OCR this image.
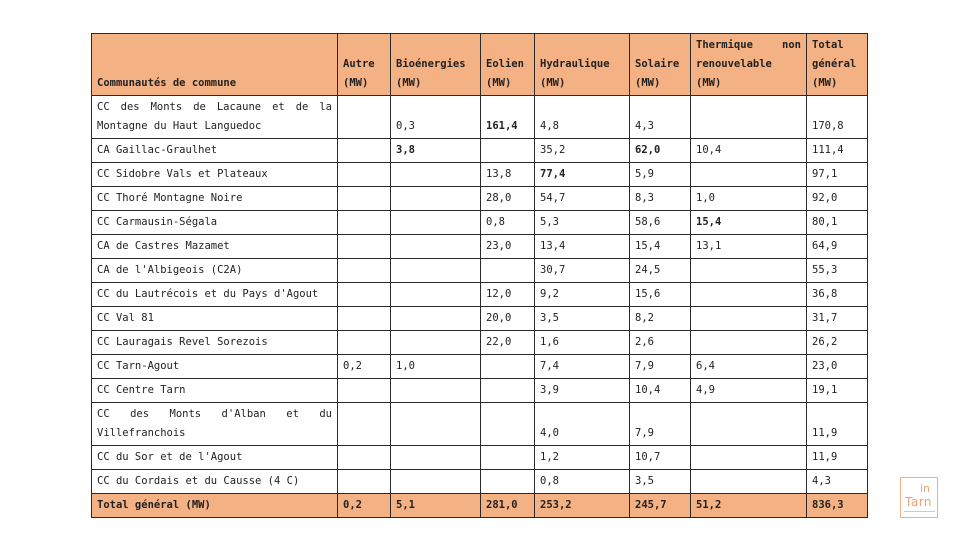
Communautés de commune	Autre (MW)	Bioénergies (MW)	Eolien (MW)	Hydraulique (MW)	Solaire (MW)	Thermique non renouvelable (MW)	Total général (MW)
CC des Monts de Lacaune et de la Montagne du Haut Languedoc		0,3	161,4	4,8	4,3		170,8
CA Gaillac-Graulhet		3,8		35,2	62,0	10,4	111,4
CC Sidobre Vals et Plateaux			13,8	77,4	5,9		97,1
CC Thoré Montagne Noire			28,0	54,7	8,3	1,0	92,0
CC Carmausin-Ségala			0,8	5,3	58,6	15,4	80,1
CA de Castres Mazamet			23,0	13,4	15,4	13,1	64,9
CA de l'Albigeois (C2A)				30,7	24,5		55,3
CC du Lautrécois et du Pays d'Agout			12,0	9,2	15,6		36,8
CC Val 81			20,0	3,5	8,2		31,7
CC Lauragais Revel Sorezois			22,0	1,6	2,6		26,2
CC Tarn-Agout	0,2	1,0		7,4	7,9	6,4	23,0
CC Centre Tarn				3,9	10,4	4,9	19,1
CC des Monts d'Alban et du Villefranchois				4,0	7,9		11,9
CC du Sor et de l'Agout				1,2	10,7		11,9
CC du Cordais et du Causse (4 C)				0,8	3,5		4,3
Total général (MW)	0,2	5,1	281,0	253,2	245,7	51,2	836,3
in
Tarn
